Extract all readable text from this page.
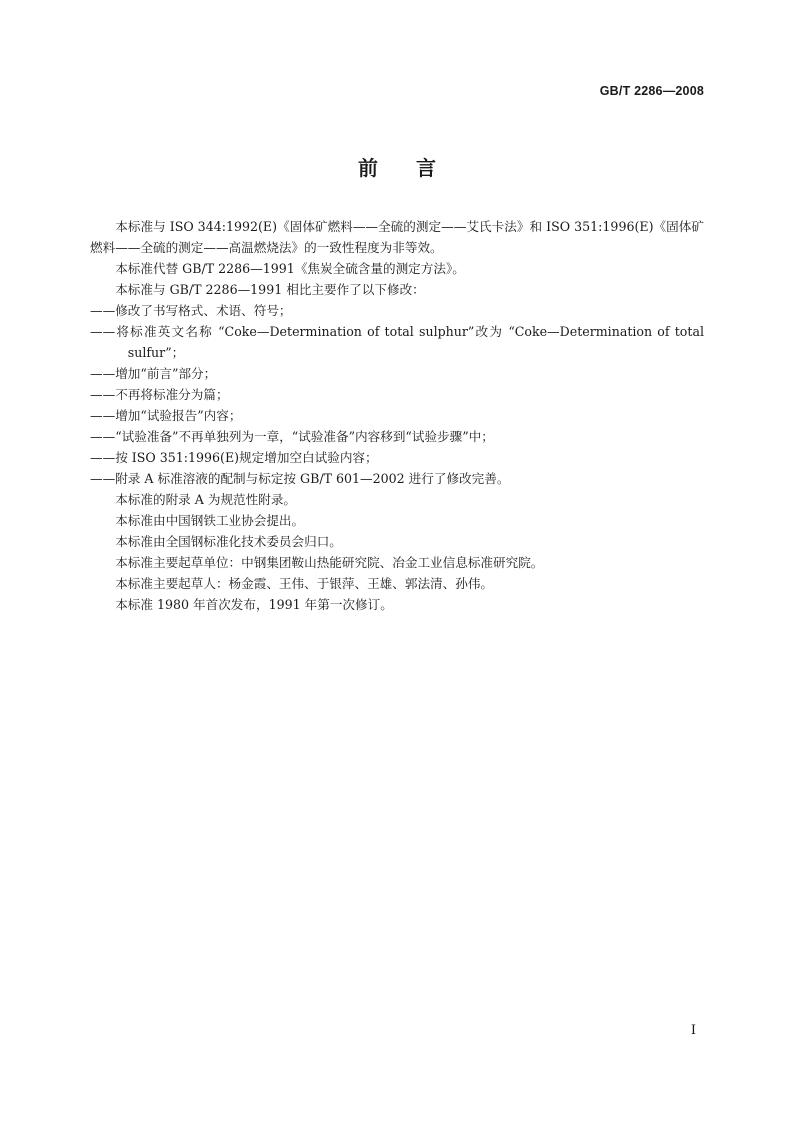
GB/T 2286—2008
前言

本标准与 ISO 344:1992(E)《固体矿燃料——全硫的测定——艾氏卡法》和 ISO 351:1996(E)《固体矿燃料——全硫的测定——高温燃烧法》的一致性程度为非等效。

本标准代替 GB/T 2286—1991《焦炭全硫含量的测定方法》。

本标准与 GB/T 2286—1991 相比主要作了以下修改：

——修改了书写格式、术语、符号；

——将标准英文名称 “Coke—Determination of total sulphur”改为 “Coke—Determination of total sulfur”；

——增加“前言”部分；

——不再将标准分为篇；

——增加“试验报告”内容；

——“试验准备”不再单独列为一章，“试验准备”内容移到“试验步骤”中；

——按 ISO 351:1996(E)规定增加空白试验内容；

——附录 A 标准溶液的配制与标定按 GB/T 601—2002 进行了修改完善。

本标准的附录 A 为规范性附录。

本标准由中国钢铁工业协会提出。

本标准由全国钢标准化技术委员会归口。

本标准主要起草单位：中钢集团鞍山热能研究院、冶金工业信息标准研究院。

本标准主要起草人：杨金霞、王伟、于银萍、王雄、郭法清、孙伟。

本标准 1980 年首次发布，1991 年第一次修订。

I
